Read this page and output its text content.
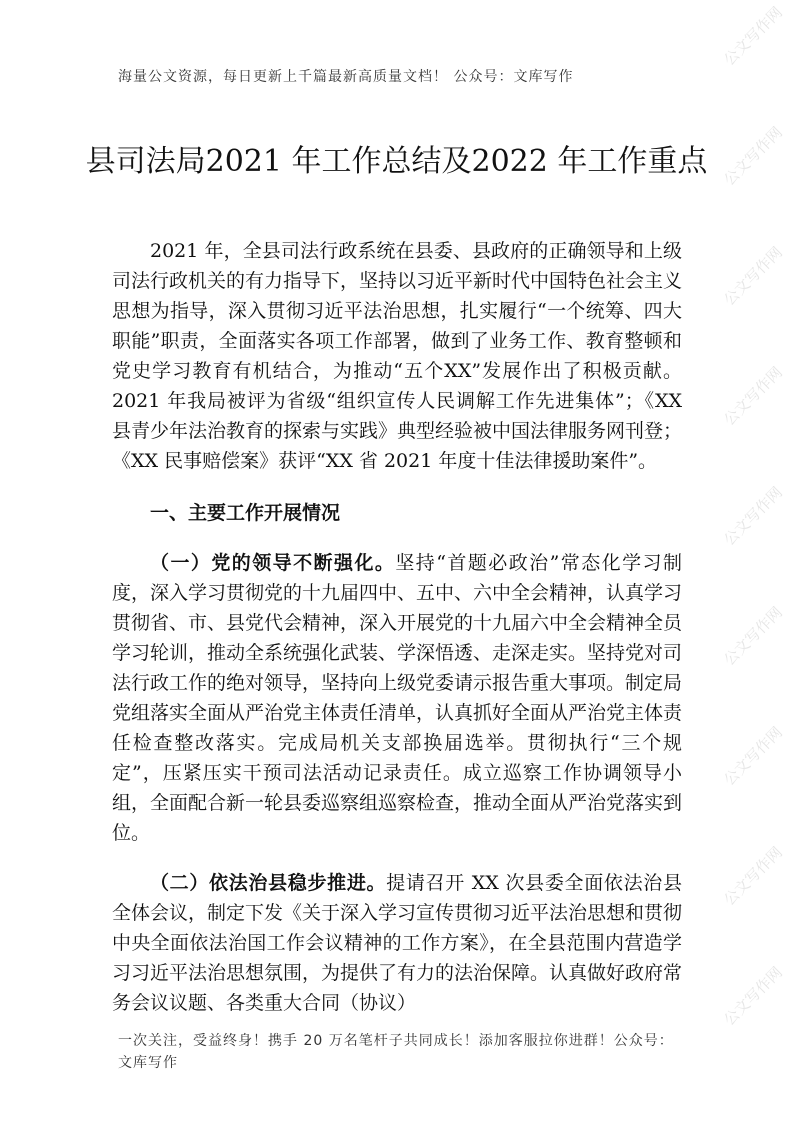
海量公文资源，每日更新上千篇最新高质量文档！ 公众号：文库写作
县司法局2021 年工作总结及2022 年工作重点

2021 年，全县司法行政系统在县委、县政府的正确领导和上级司法行政机关的有力指导下，坚持以习近平新时代中国特色社会主义思想为指导，深入贯彻习近平法治思想，扎实履行“一个统筹、四大职能”职责，全面落实各项工作部署，做到了业务工作、教育整顿和党史学习教育有机结合，为推动“五个XX”发展作出了积极贡献。2021 年我局被评为省级“组织宣传人民调解工作先进集体”；《XX 县青少年法治教育的探索与实践》典型经验被中国法律服务网刊登；《XX 民事赔偿案》获评“XX 省 2021 年度十佳法律援助案件”。

一、主要工作开展情况

（一）党的领导不断强化。坚持“首题必政治”常态化学习制度，深入学习贯彻党的十九届四中、五中、六中全会精神，认真学习贯彻省、市、县党代会精神，深入开展党的十九届六中全会精神全员学习轮训，推动全系统强化武装、学深悟透、走深走实。坚持党对司法行政工作的绝对领导，坚持向上级党委请示报告重大事项。制定局党组落实全面从严治党主体责任清单，认真抓好全面从严治党主体责任检查整改落实。完成局机关支部换届选举。贯彻执行“三个规定”，压紧压实干预司法活动记录责任。成立巡察工作协调领导小组，全面配合新一轮县委巡察组巡察检查，推动全面从严治党落实到位。

（二）依法治县稳步推进。提请召开 XX 次县委全面依法治县全体会议，制定下发《关于深入学习宣传贯彻习近平法治思想和贯彻中央全面依法治国工作会议精神的工作方案》，在全县范围内营造学习习近平法治思想氛围，为提供了有力的法治保障。认真做好政府常务会议议题、各类重大合同（协议）

一次关注，受益终身！携手 20 万名笔杆子共同成长！添加客服拉你进群！公众号：文库写作
公文写作网
公文写作网
公文写作网
公文写作网
公文写作网
公文写作网
公文写作网
公文写作网
公文写作网
